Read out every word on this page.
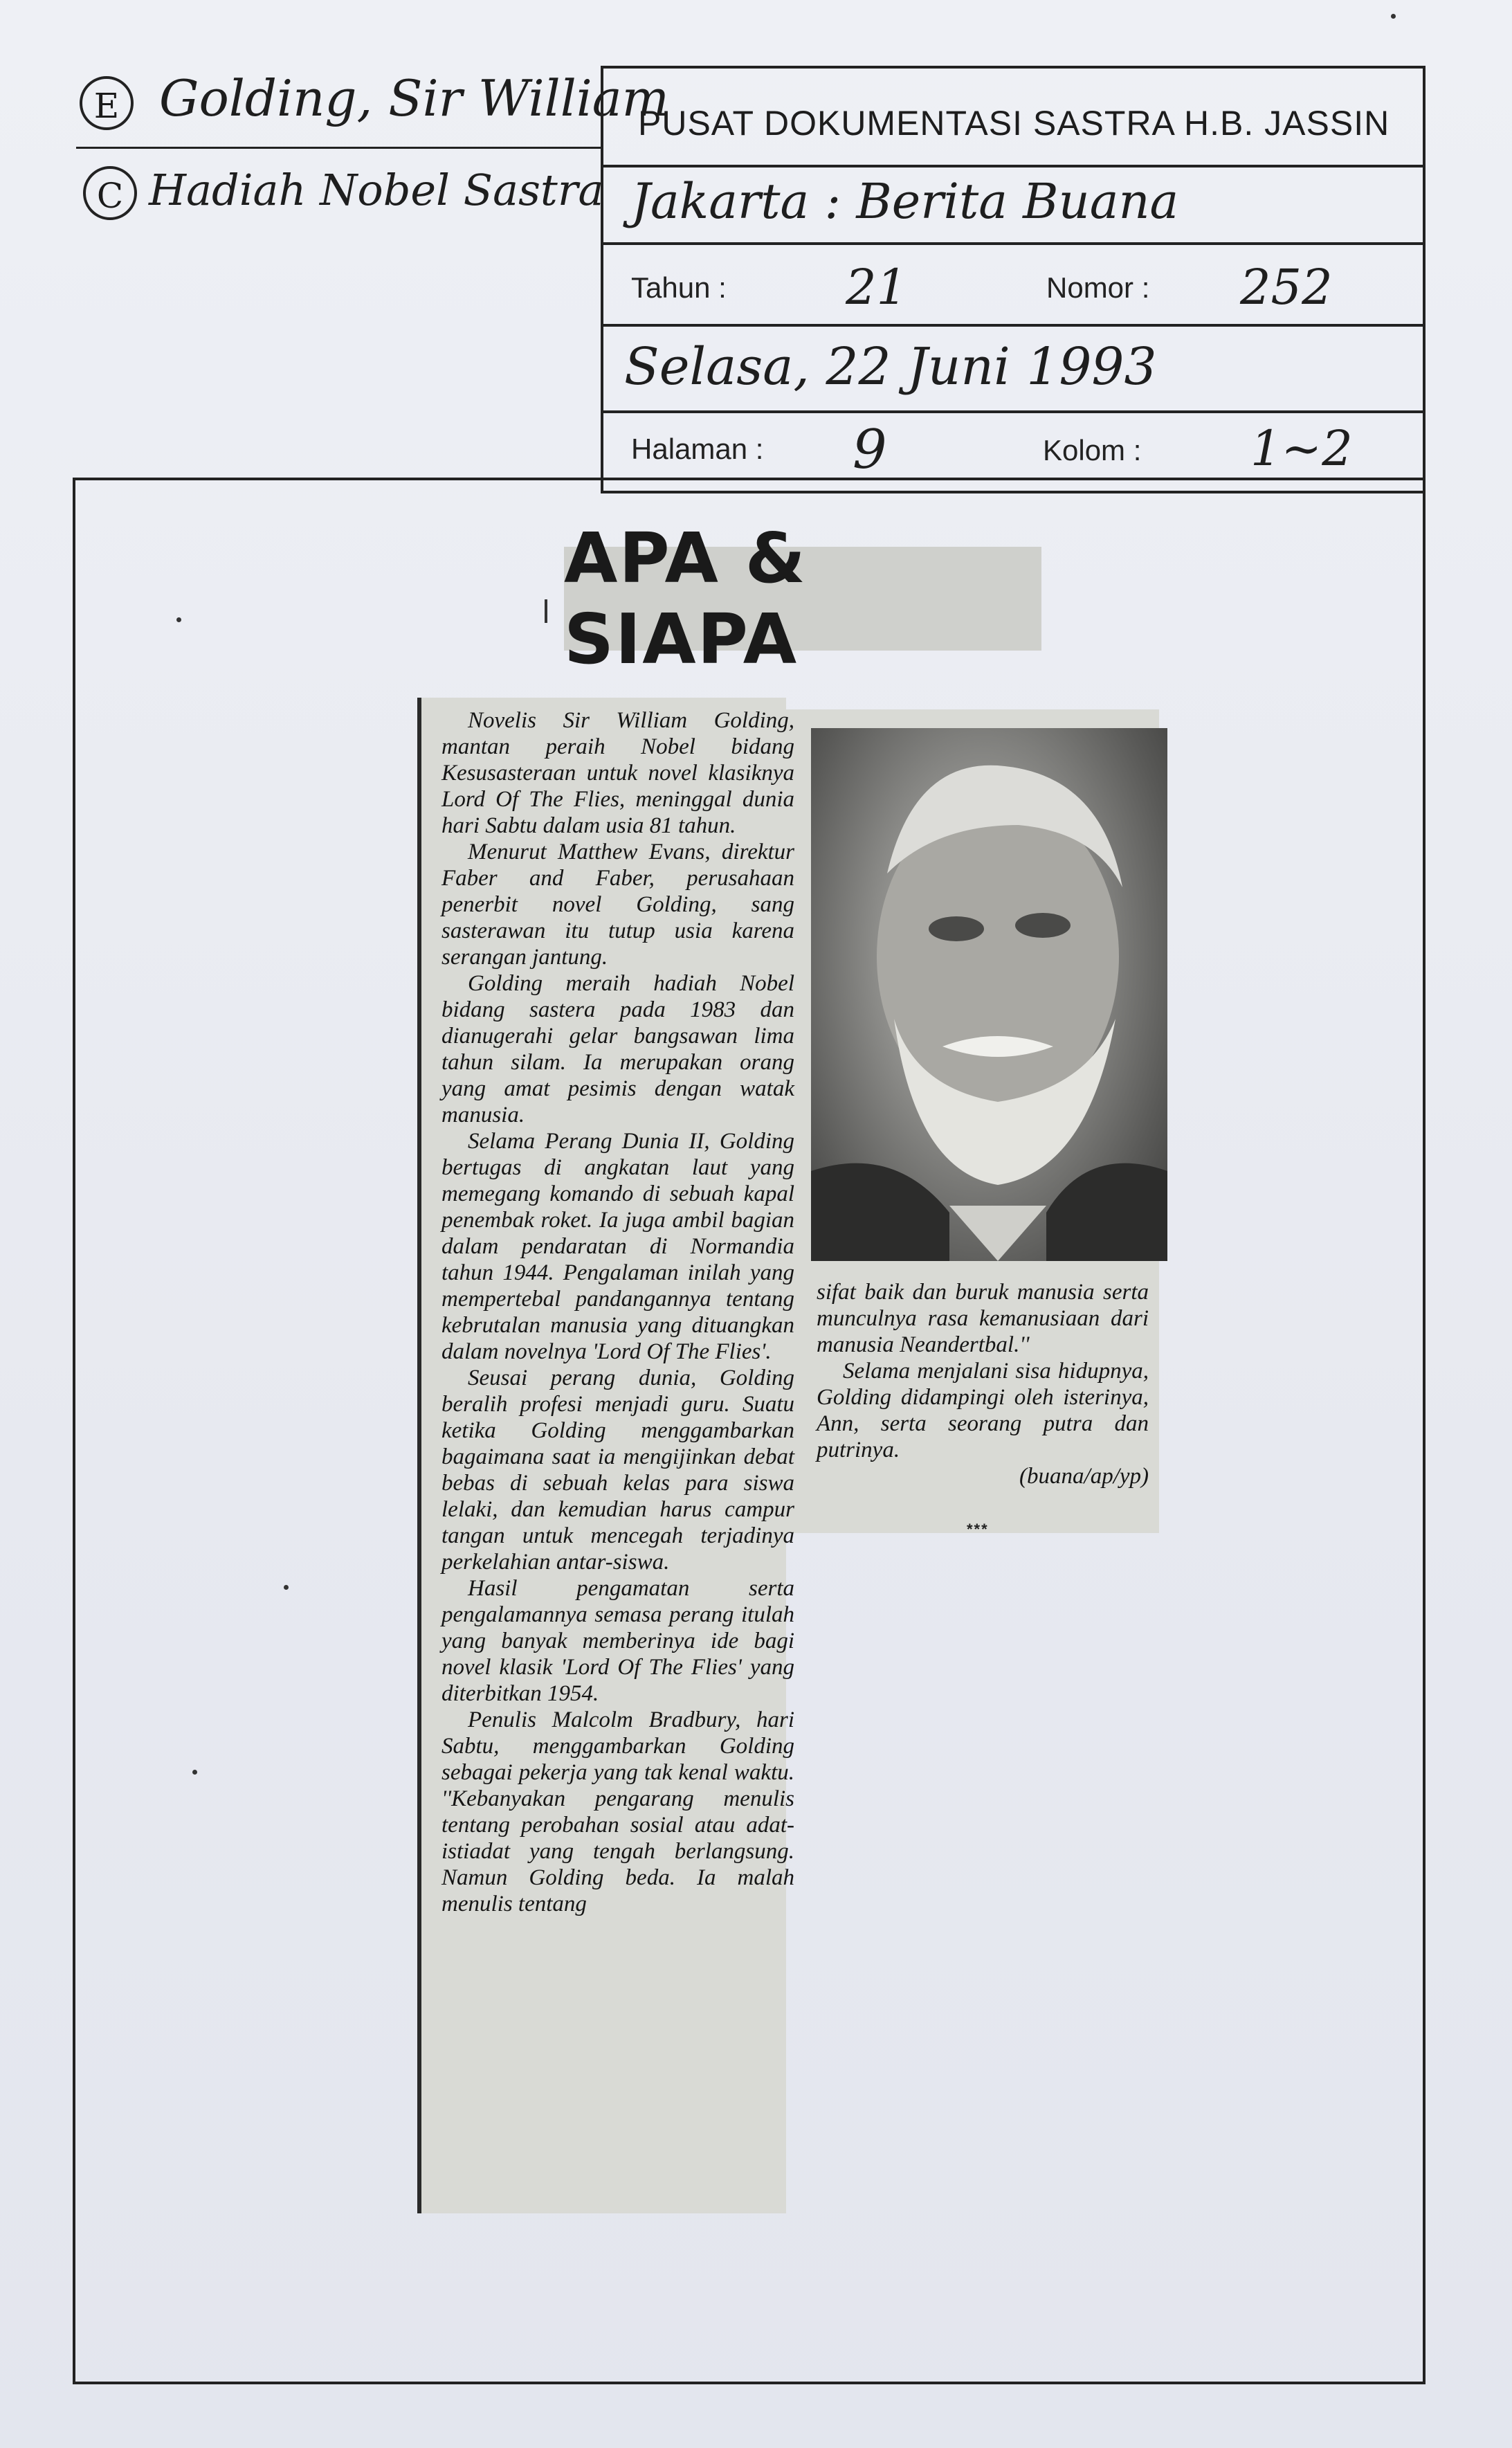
E Golding, Sir William
C Hadiah Nobel Sastra
PUSAT DOKUMENTASI SASTRA H.B. JASSIN
Jakarta : Berita Buana
Tahun : 21	Nomor : 252
Selasa, 22 Juni 1993
Halaman : 9	Kolom : 1~2
APA & SIAPA

Novelis Sir William Golding, mantan peraih Nobel bidang Kesusasteraan untuk novel klasiknya Lord Of The Flies, meninggal dunia hari Sabtu dalam usia 81 tahun.

Menurut Matthew Evans, direktur Faber and Faber, perusahaan penerbit novel Golding, sang sasterawan itu tutup usia karena serangan jantung.

Golding meraih hadiah Nobel bidang sastera pada 1983 dan dianugerahi gelar bangsawan lima tahun silam. Ia merupakan orang yang amat pesimis dengan watak manusia.

Selama Perang Dunia II, Golding bertugas di angkatan laut yang memegang komando di sebuah kapal penembak roket. Ia juga ambil bagian dalam pendaratan di Normandia tahun 1944. Pengalaman inilah yang mempertebal pandangannya tentang kebrutalan manusia yang dituangkan dalam novelnya 'Lord Of The Flies'.

Seusai perang dunia, Golding beralih profesi menjadi guru. Suatu ketika Golding menggambarkan bagaimana saat ia mengijinkan debat bebas di sebuah kelas para siswa lelaki, dan kemudian harus campur tangan untuk mencegah terjadinya perkelahian antar-siswa.

Hasil pengamatan serta pengalamannya semasa perang itulah yang banyak memberinya ide bagi novel klasik 'Lord Of The Flies' yang diterbitkan 1954.

Penulis Malcolm Bradbury, hari Sabtu, menggambarkan Golding sebagai pekerja yang tak kenal waktu. ''Kebanyakan pengarang menulis tentang perobahan sosial atau adat-istiadat yang tengah berlangsung. Namun Golding beda. Ia malah menulis tentang

sifat baik dan buruk manusia serta munculnya rasa kemanusiaan dari manusia Neandertbal.''

Selama menjalani sisa hidupnya, Golding didampingi oleh isterinya, Ann, serta seorang putra dan putrinya.

(buana/ap/yp)

***
